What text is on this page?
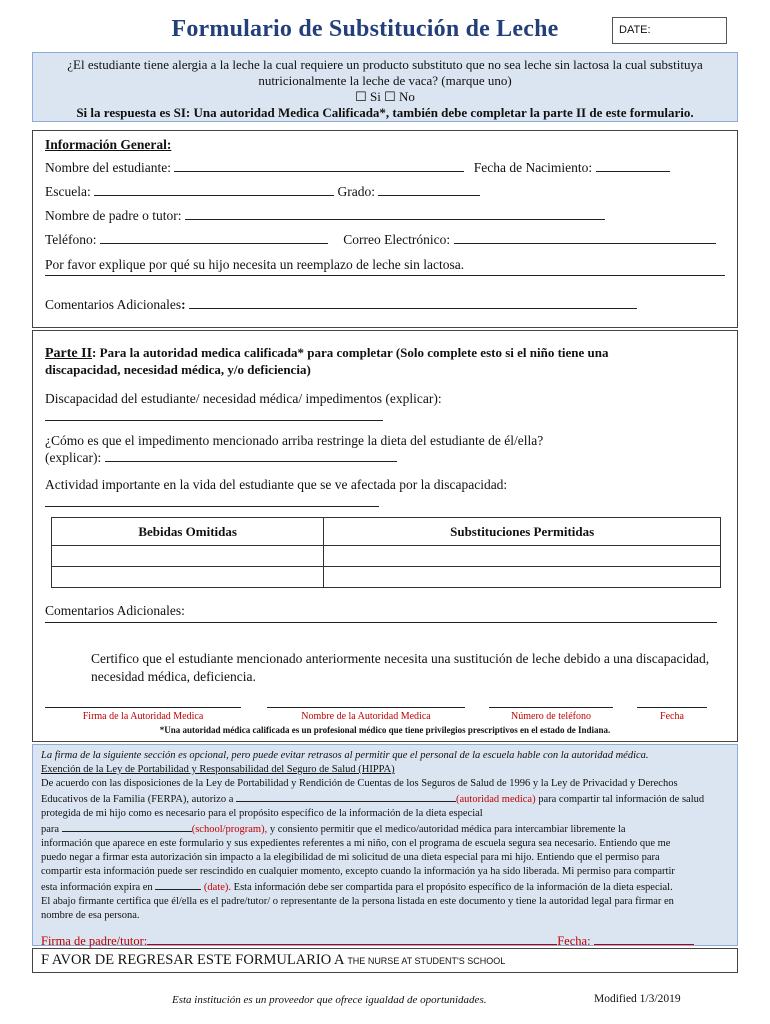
Formulario de Substitución de Leche	DATE:
¿El estudiante tiene alergia a la leche la cual requiere un producto substituto que no sea leche sin lactosa la cual substituya
nutricionalmente la leche de vaca? (marque uno)
☐ Si ☐ No
Si la respuesta es SI: Una autoridad Medica Calificada*, también debe completar la parte II de este formulario.
Información General:
Nombre del estudiante:	Fecha de Nacimiento:
Escuela:	Grado:
Nombre de padre o tutor:
Teléfono:	Correo Electrónico:
Por favor explique por qué su hijo necesita un reemplazo de leche sin lactosa.
Comentarios Adicionales:
Parte II: Para la autoridad medica calificada* para completar (Solo complete esto si el niño tiene una
discapacidad, necesidad médica, y/o deficiencia)
Discapacidad del estudiante/ necesidad médica/ impedimentos (explicar):
¿Cómo es que el impedimento mencionado arriba restringe la dieta del estudiante de él/ella?
(explicar):
Actividad importante en la vida del estudiante que se ve afectada por la discapacidad:
Bebidas Omitidas	Substituciones Permitidas

Comentarios Adicionales:
Certifico que el estudiante mencionado anteriormente necesita una sustitución de leche debido a una discapacidad,
necesidad médica, deficiencia.
Firma de la Autoridad Medica	Nombre de la Autoridad Medica	Número de teléfono	Fecha
*Una autoridad médica calificada es un profesional médico que tiene privilegios prescriptivos en el estado de Indiana.
La firma de la siguiente sección es opcional, pero puede evitar retrasos al permitir que el personal de la escuela hable con la autoridad médica.
Exención de la Ley de Portabilidad y Responsabilidad del Seguro de Salud (HIPPA)
De acuerdo con las disposiciones de la Ley de Portabilidad y Rendición de Cuentas de los Seguros de Salud de 1996 y la Ley de Privacidad y Derechos
Educativos de la Familia (FERPA), autorizo a	(autoridad medica) para compartir tal información de salud
protegida de mi hijo como es necesario para el propósito específico de la información de la dieta especial
para	(school/program), y consiento permitir que el medico/autoridad médica para intercambiar libremente la
información que aparece en este formulario y sus expedientes referentes a mi niño, con el programa de escuela segura sea necesario. Entiendo que me
puedo negar a firmar esta autorización sin impacto a la elegibilidad de mi solicitud de una dieta especial para mi hijo. Entiendo que el permiso para
compartir esta información puede ser rescindido en cualquier momento, excepto cuando la información ya ha sido liberada. Mi permiso para compartir
esta información expira en	(date). Esta información debe ser compartida para el propósito específico de la información de la dieta especial.
El abajo firmante certifica que él/ella es el padre/tutor/ o representante de la persona listada en este documento y tiene la autoridad legal para firmar en
nombre de esa persona.
Firma de padre/tutor:	Fecha:
F AVOR DE REGRESAR ESTE FORMULARIO A THE NURSE AT STUDENT'S SCHOOL
Esta institución es un proveedor que ofrece igualdad de oportunidades.	Modified 1/3/2019
